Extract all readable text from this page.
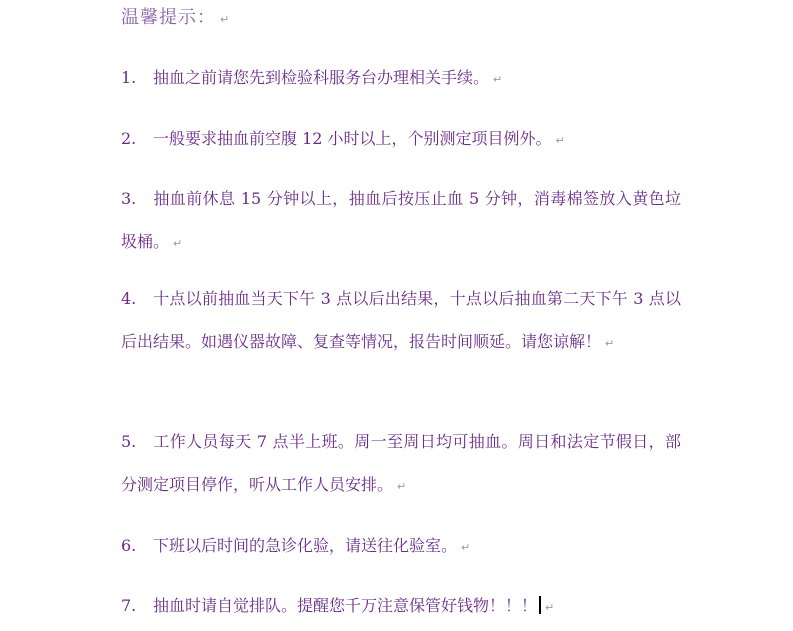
温馨提示： ↵
1. 抽血之前请您先到检验科服务台办理相关手续。 ↵
2. 一般要求抽血前空腹 12 小时以上，个别测定项目例外。 ↵
3. 抽血前休息 15 分钟以上，抽血后按压止血 5 分钟，消毒棉签放入黄色垃圾桶。 ↵
4. 十点以前抽血当天下午 3 点以后出结果，十点以后抽血第二天下午 3 点以后出结果。如遇仪器故障、复查等情况，报告时间顺延。请您谅解！ ↵
5. 工作人员每天 7 点半上班。周一至周日均可抽血。周日和法定节假日，部分测定项目停作，听从工作人员安排。 ↵
6. 下班以后时间的急诊化验，请送往化验室。 ↵
7. 抽血时请自觉排队。提醒您千万注意保管好钱物！！！ ↵
